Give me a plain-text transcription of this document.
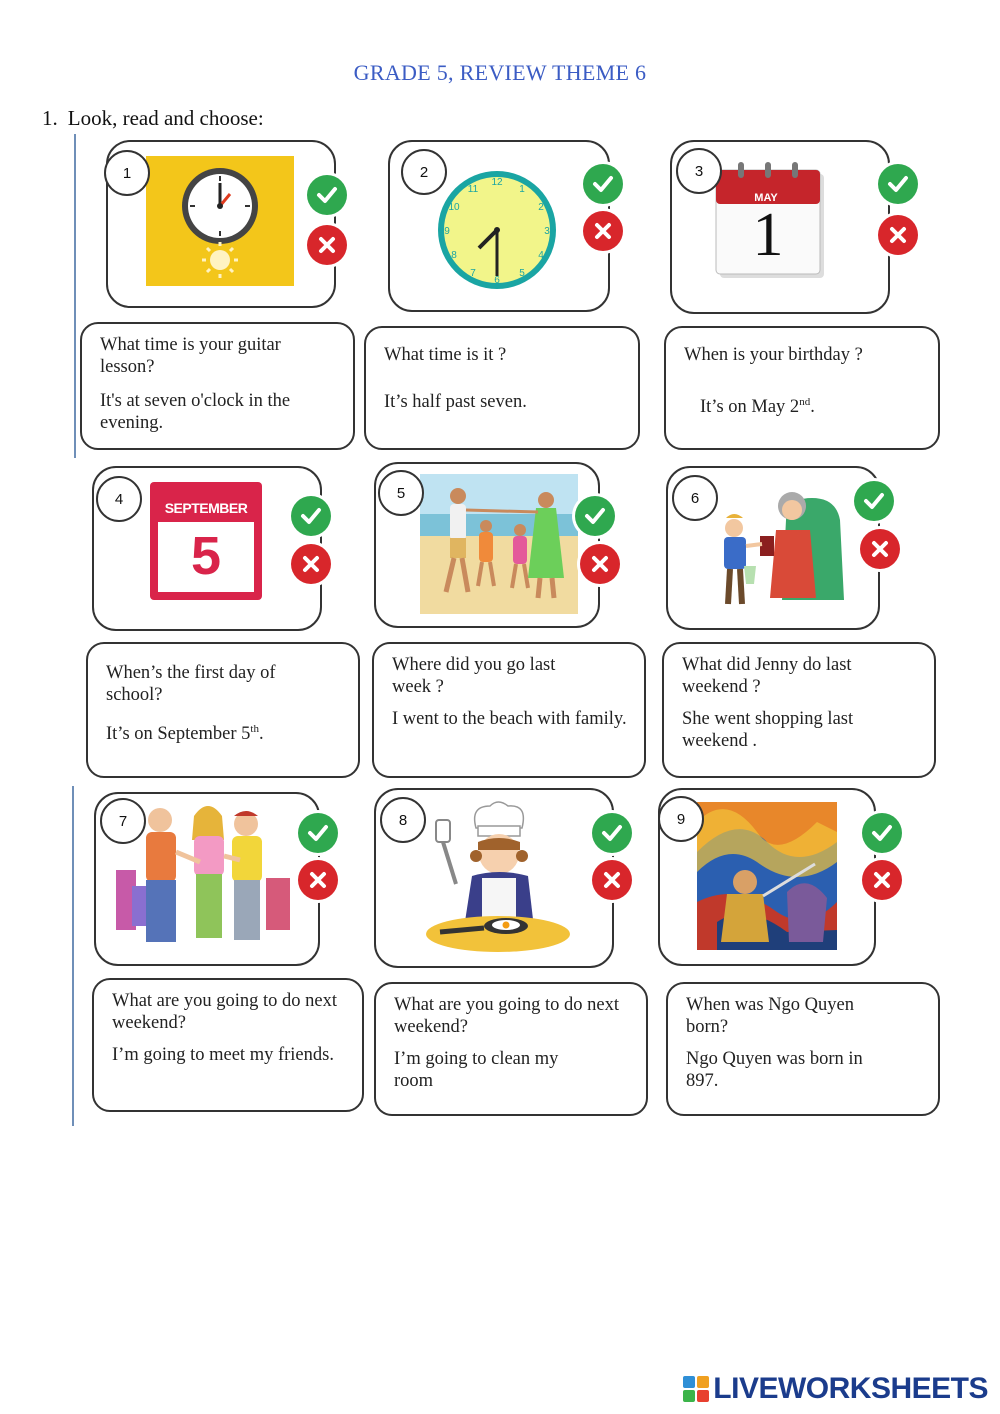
GRADE 5, REVIEW THEME 6
1. Look, read and choose:
1
12
1
2
3
4
5
6
7
8
9
10
11
2
MAY
1
3
What time is your guitar lesson?
It's at seven o'clock in the evening.
What time is it ?
It’s half past seven.
When is your birthday ?
It’s on May 2nd.
SEPTEMBER
5
4	5	6
When’s the first day of school?
It’s on September 5th.
Where did you go last week ?
I went to the beach with family.
What did Jenny do last weekend ?
She went shopping last weekend .
7	8	9
What are you going to do next weekend?
I’m going to meet my friends.
What are you going to do next weekend?
I’m going to clean my room
When was Ngo Quyen born?
Ngo Quyen was born in 897.
LIVEWORKSHEETS
